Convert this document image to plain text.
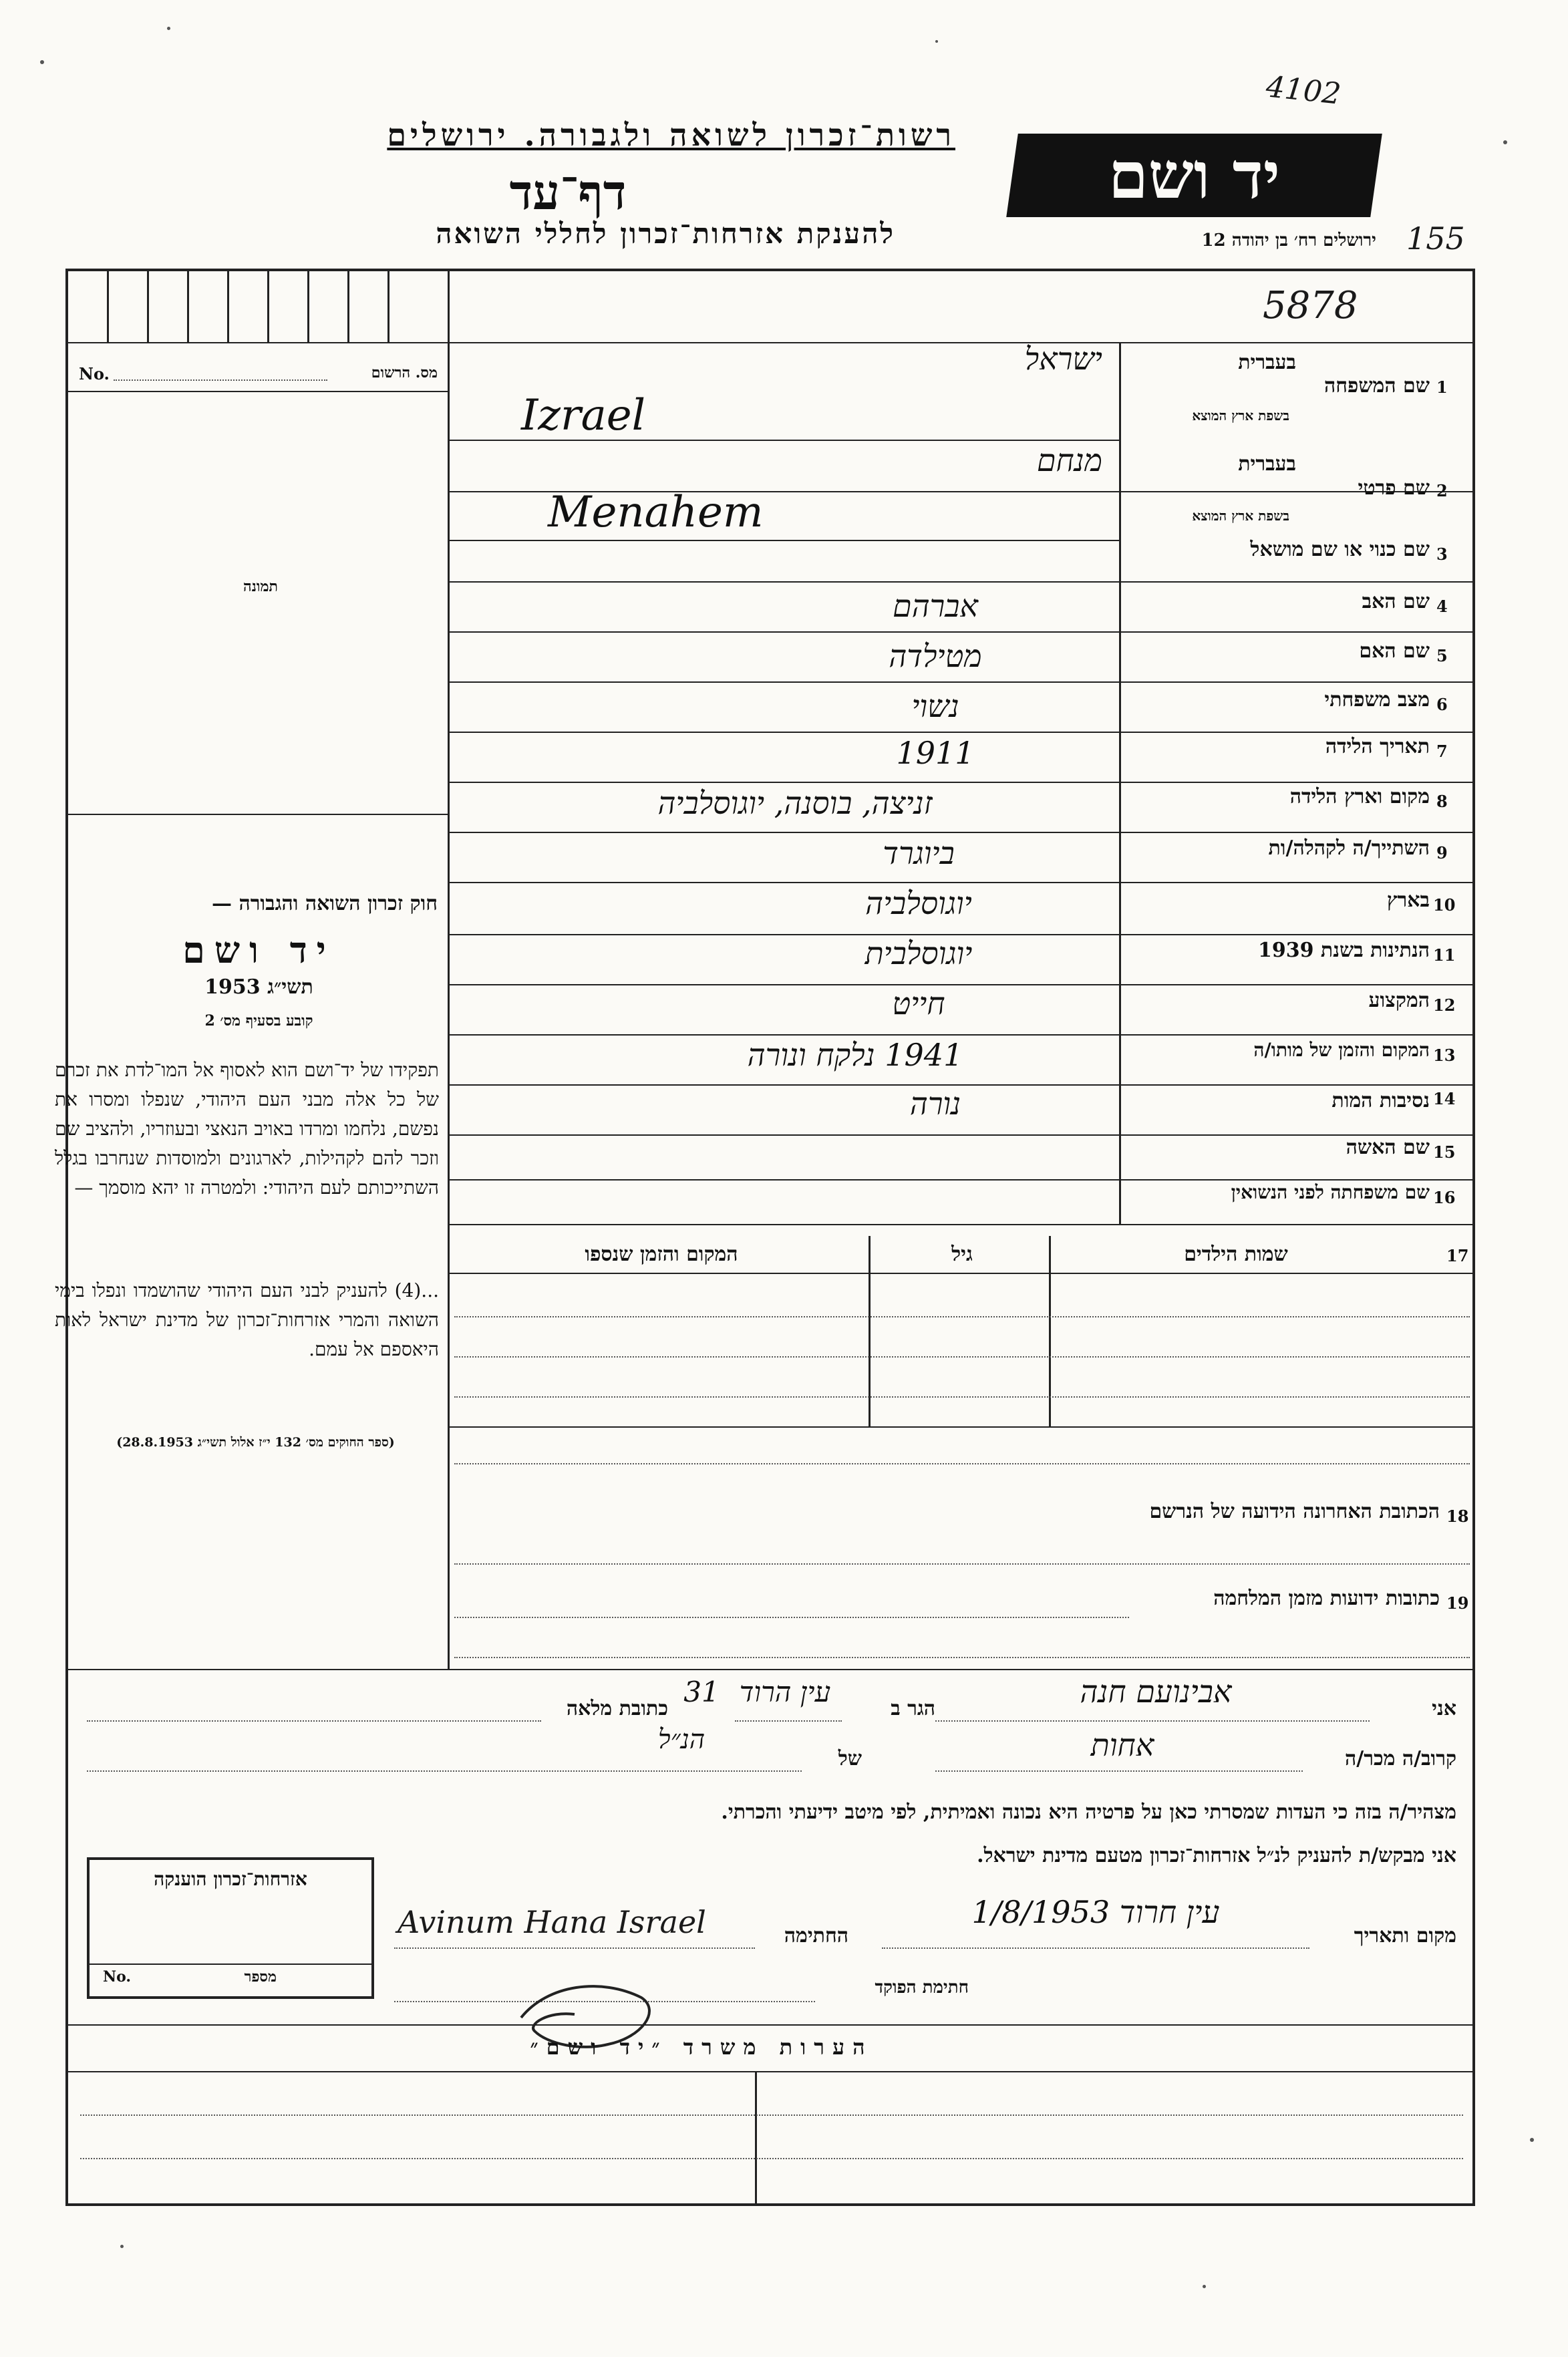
4102
155
5878
רשות־זכרון לשואה ולגבורה. ירושלים
דף־עד
להענקת אזרחות־זכרון לחללי השואה
יד ושם
ירושלים רח׳ בן יהודה 12
No.	מס. הרשום
תמונה
חוק זכרון השואה והגבורה —
יד ושם
תשי״ג 1953
קובע בסעיף מס׳ 2
תפקידו של יד־ושם הוא לאסוף אל המו־לדת את זכרם של כל אלה מבני העם היהודי, שנפלו ומסרו את נפשם, נלחמו ומרדו באויב הנאצי ובעוזריו, ולהציב שם וזכר להם לקהילות, לארגונים ולמוסדות שנחרבו בגלל השתייכותם לעם היהודי: ולמטרה זו יהא מוסמך —
...(4) להעניק לבני העם היהודי שהושמדו ונפלו בימי השואה והמרי אזרחות־זכרון של מדינת ישראל לאות היאספם אל עמם.
(ספר החוקים מס׳ 132 י״ז אלול תשי״ג 28.8.1953)
1
שם המשפחה
בעברית
בשפת ארץ המוצא
ישראל
Izrael
2
שם פרטי
בעברית
בשפת ארץ המוצא
מנחם
Menahem
3
שם כנוי או שם מושאל
4
שם האב
אברהם
5
שם האם
מטילדה
6
מצב משפחתי
נשוי
7
תאריך הלידה
1911
8
מקום וארץ הלידה
זניצה, בוסנה, יוגוסלביה
9
השתייך/ה לקהלה/ות
ביוגרד
10
בארץ
יוגוסלביה
11
הנתינות בשנת 1939
יוגוסלבית
12
המקצוע
חייט
13
המקום והזמן של מותו/ה
1941 נלקח ונורה
14
נסיבות המות
נורה
15
שם האשה
16
שם משפחתה לפני הנשואין
17
שמות הילדים
גיל
המקום והזמן שנספו
18
הכתובת האחרונה הידועה של הנרשם
19
כתובות ידועות מזמן המלחמה
אני
אבינועם חנה
הגר ב
עין הרוד
כתובת מלאה
31
קרוב/ה מכר/ה
אחות
של
הנ״ל
מצהיר/ה בזה כי העדות שמסרתי כאן על פרטיה היא נכונה ואמיתית, לפי מיטב ידיעתי והכרתי.
אני מבקש/ת להעניק לנ״ל אזרחות־זכרון מטעם מדינת ישראל.
מקום ותאריך
עין חרוד 1/8/1953
החתימה
Avinum Hana Israel
חתימת הפוקד
אזרחות־זכרון הוענקה
No.	מספר
הערות משרד ״יד ושם״
